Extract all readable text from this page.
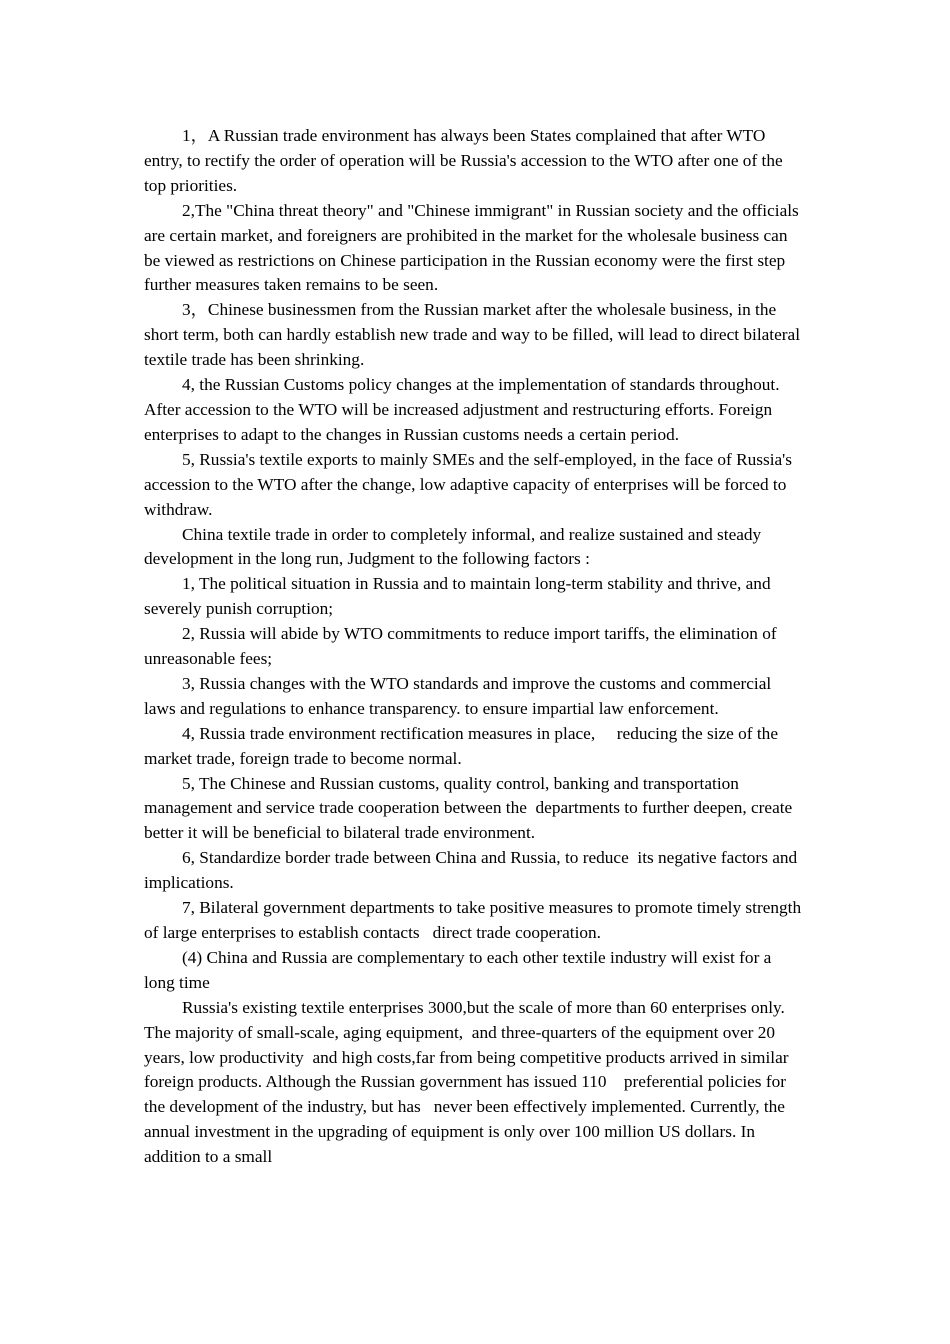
1，A Russian trade environment has always been States complained that after WTO entry, to rectify the order of operation will be Russia's accession to the WTO after one of the top priorities.

2,The "China threat theory" and "Chinese immigrant" in Russian society and the officials are certain market, and foreigners are prohibited in the market for the wholesale business can be viewed as restrictions on Chinese participation in the Russian economy were the first step further measures taken remains to be seen.

3，Chinese businessmen from the Russian market after the wholesale business, in the short term, both can hardly establish new trade and way to be filled, will lead to direct bilateral textile trade has been shrinking.

4, the Russian Customs policy changes at the implementation of standards throughout. After accession to the WTO will be increased adjustment and restructuring efforts. Foreign enterprises to adapt to the changes in Russian customs needs a certain period.

5, Russia's textile exports to mainly SMEs and the self-employed, in the face of Russia's accession to the WTO after the change, low adaptive capacity of enterprises will be forced to withdraw.

China textile trade in order to completely informal, and realize sustained and steady development in the long run, Judgment to the following factors :

1, The political situation in Russia and to maintain long-term stability and thrive, and severely punish corruption;

2, Russia will abide by WTO commitments to reduce import tariffs, the elimination of unreasonable fees;

3, Russia changes with the WTO standards and improve the customs and commercial laws and regulations to enhance transparency. to ensure impartial law enforcement.

4, Russia trade environment rectification measures in place,     reducing the size of the market trade, foreign trade to become normal.

5, The Chinese and Russian customs, quality control, banking and transportation management and service trade cooperation between the  departments to further deepen, create better it will be beneficial to bilateral trade environment.

6, Standardize border trade between China and Russia, to reduce  its negative factors and implications.

7, Bilateral government departments to take positive measures to promote timely strength of large enterprises to establish contacts   direct trade cooperation.

(4) China and Russia are complementary to each other textile industry will exist for a long time

Russia's existing textile enterprises 3000,but the scale of more than 60 enterprises only. The majority of small-scale, aging equipment,  and three-quarters of the equipment over 20 years, low productivity  and high costs,far from being competitive products arrived in similar foreign products. Although the Russian government has issued 110    preferential policies for the development of the industry, but has   never been effectively implemented. Currently, the annual investment in the upgrading of equipment is only over 100 million US dollars. In addition to a small
